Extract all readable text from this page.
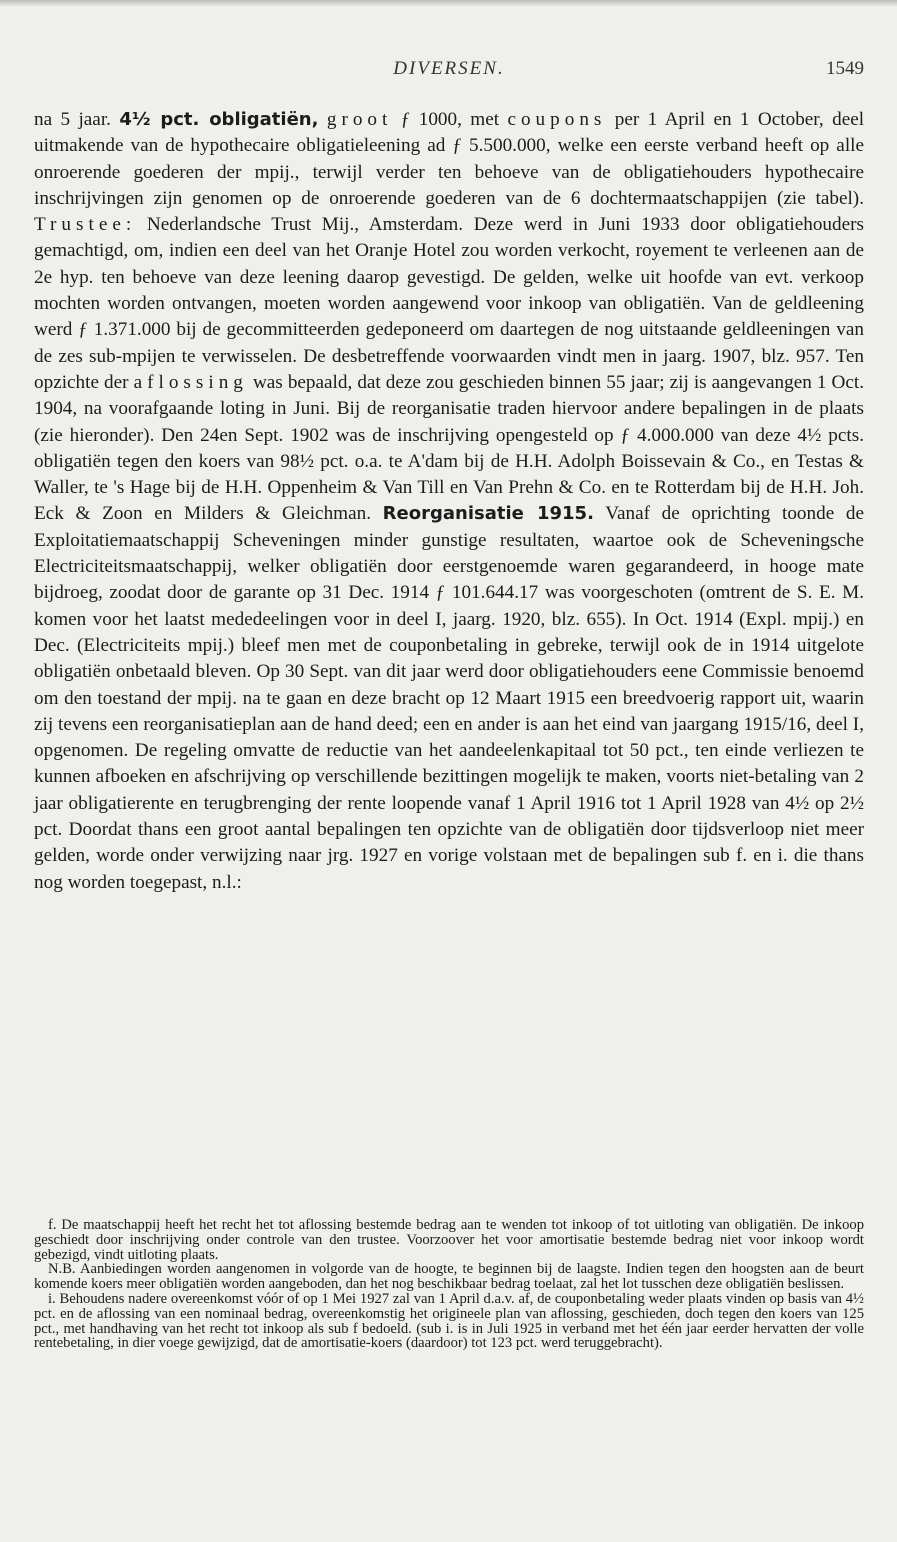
DIVERSEN.	1549

na 5 jaar. 4½ pct. obligatiën, groot ƒ 1000, met coupons per 1 April en 1 October, deel uitmakende van de hypothecaire obligatieleening ad ƒ 5.500.000, welke een eerste verband heeft op alle onroerende goederen der mpij., terwijl verder ten behoeve van de obligatiehouders hypothecaire inschrijvingen zijn genomen op de onroerende goederen van de 6 dochtermaatschappijen (zie tabel). Trustee: Nederlandsche Trust Mij., Amsterdam. Deze werd in Juni 1933 door obligatiehouders gemachtigd, om, indien een deel van het Oranje Hotel zou worden verkocht, royement te verleenen aan de 2e hyp. ten behoeve van deze leening daarop gevestigd. De gelden, welke uit hoofde van evt. verkoop mochten worden ontvangen, moeten worden aangewend voor inkoop van obligatiën. Van de geldleening werd ƒ 1.371.000 bij de gecommitteerden gedeponeerd om daartegen de nog uitstaande geldleeningen van de zes sub-mpijen te verwisselen. De desbetreffende voorwaarden vindt men in jaarg. 1907, blz. 957. Ten opzichte der aflossing was bepaald, dat deze zou geschieden binnen 55 jaar; zij is aangevangen 1 Oct. 1904, na voorafgaande loting in Juni. Bij de reorganisatie traden hiervoor andere bepalingen in de plaats (zie hieronder). Den 24en Sept. 1902 was de inschrijving opengesteld op ƒ 4.000.000 van deze 4½ pcts. obligatiën tegen den koers van 98½ pct. o.a. te A'dam bij de H.H. Adolph Boissevain & Co., en Testas & Waller, te 's Hage bij de H.H. Oppenheim & Van Till en Van Prehn & Co. en te Rotterdam bij de H.H. Joh. Eck & Zoon en Milders & Gleichman. Reorganisatie 1915. Vanaf de oprichting toonde de Exploitatiemaatschappij Scheveningen minder gunstige resultaten, waartoe ook de Scheveningsche Electriciteitsmaatschappij, welker obligatiën door eerstgenoemde waren gegarandeerd, in hooge mate bijdroeg, zoodat door de garante op 31 Dec. 1914 ƒ 101.644.17 was voorgeschoten (omtrent de S. E. M. komen voor het laatst mededeelingen voor in deel I, jaarg. 1920, blz. 655). In Oct. 1914 (Expl. mpij.) en Dec. (Electriciteits mpij.) bleef men met de couponbetaling in gebreke, terwijl ook de in 1914 uitgelote obligatiën onbetaald bleven. Op 30 Sept. van dit jaar werd door obligatiehouders eene Commissie benoemd om den toestand der mpij. na te gaan en deze bracht op 12 Maart 1915 een breedvoerig rapport uit, waarin zij tevens een reorganisatieplan aan de hand deed; een en ander is aan het eind van jaargang 1915/16, deel I, opgenomen. De regeling omvatte de reductie van het aandeelenkapitaal tot 50 pct., ten einde verliezen te kunnen afboeken en afschrijving op verschillende bezittingen mogelijk te maken, voorts niet-betaling van 2 jaar obligatierente en terugbrenging der rente loopende vanaf 1 April 1916 tot 1 April 1928 van 4½ op 2½ pct. Doordat thans een groot aantal bepalingen ten opzichte van de obligatiën door tijdsverloop niet meer gelden, worde onder verwijzing naar jrg. 1927 en vorige volstaan met de bepalingen sub f. en i. die thans nog worden toegepast, n.l.:

f. De maatschappij heeft het recht het tot aflossing bestemde bedrag aan te wenden tot inkoop of tot uitloting van obligatiën. De inkoop geschiedt door inschrijving onder controle van den trustee. Voorzoover het voor amortisatie bestemde bedrag niet voor inkoop wordt gebezigd, vindt uitloting plaats.

N.B. Aanbiedingen worden aangenomen in volgorde van de hoogte, te beginnen bij de laagste. Indien tegen den hoogsten aan de beurt komende koers meer obligatiën worden aangeboden, dan het nog beschikbaar bedrag toelaat, zal het lot tusschen deze obligatiën beslissen.

i. Behoudens nadere overeenkomst vóór of op 1 Mei 1927 zal van 1 April d.a.v. af, de couponbetaling weder plaats vinden op basis van 4½ pct. en de aflossing van een nominaal bedrag, overeenkomstig het origineele plan van aflossing, geschieden, doch tegen den koers van 125 pct., met handhaving van het recht tot inkoop als sub f bedoeld. (sub i. is in Juli 1925 in verband met het één jaar eerder hervatten der volle rentebetaling, in dier voege gewijzigd, dat de amortisatie-koers (daardoor) tot 123 pct. werd teruggebracht).
